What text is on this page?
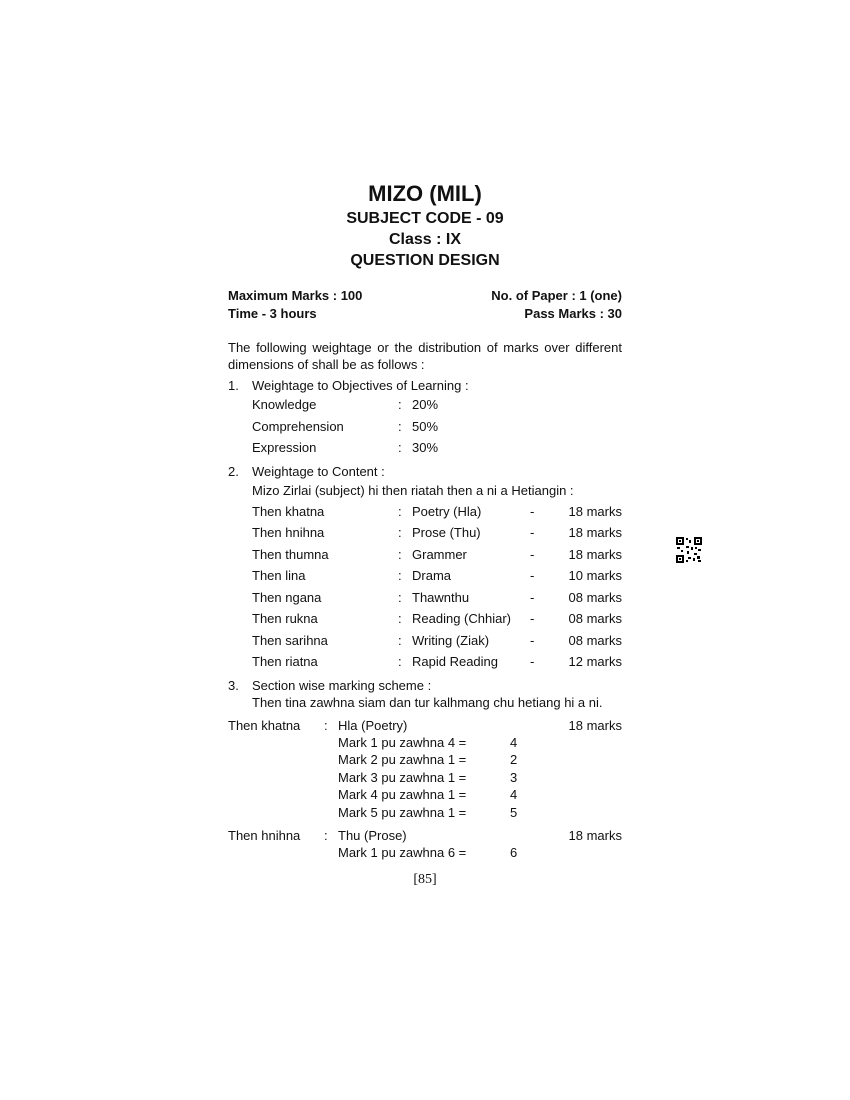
MIZO (MIL)
SUBJECT CODE - 09
Class : IX
QUESTION DESIGN
Maximum Marks : 100	No. of Paper : 1 (one)
Time - 3 hours	Pass Marks : 30
The following weightage or the distribution of marks over different dimensions of shall be as follows :
1.	Weightage to Objectives of Learning :
Knowledge	: 20%
Comprehension	: 50%
Expression	: 30%
2.	Weightage to Content :
Mizo Zirlai (subject) hi then riatah then a ni a Hetiangin :
Then khatna	: Poetry (Hla)	-	18 marks
Then hnihna	: Prose (Thu)	-	18 marks
Then thumna	: Grammer	-	18 marks
Then lina	: Drama	-	10 marks
Then ngana	: Thawnthu	-	08 marks
Then rukna	: Reading (Chhiar)	-	08 marks
Then sarihna	: Writing (Ziak)	-	08 marks
Then riatna	: Rapid Reading	-	12 marks
3.	Section wise marking scheme :
Then tina zawhna siam dan tur kalhmang chu hetiang hi a ni.
Then khatna	: Hla (Poetry)	18 marks
Mark 1 pu zawhna 4 =	4
Mark 2 pu zawhna 1 =	2
Mark 3 pu zawhna 1 =	3
Mark 4 pu zawhna 1 =	4
Mark 5 pu zawhna 1 =	5
Then hnihna	: Thu (Prose)	18 marks
Mark 1 pu zawhna 6 =	6
[85]
